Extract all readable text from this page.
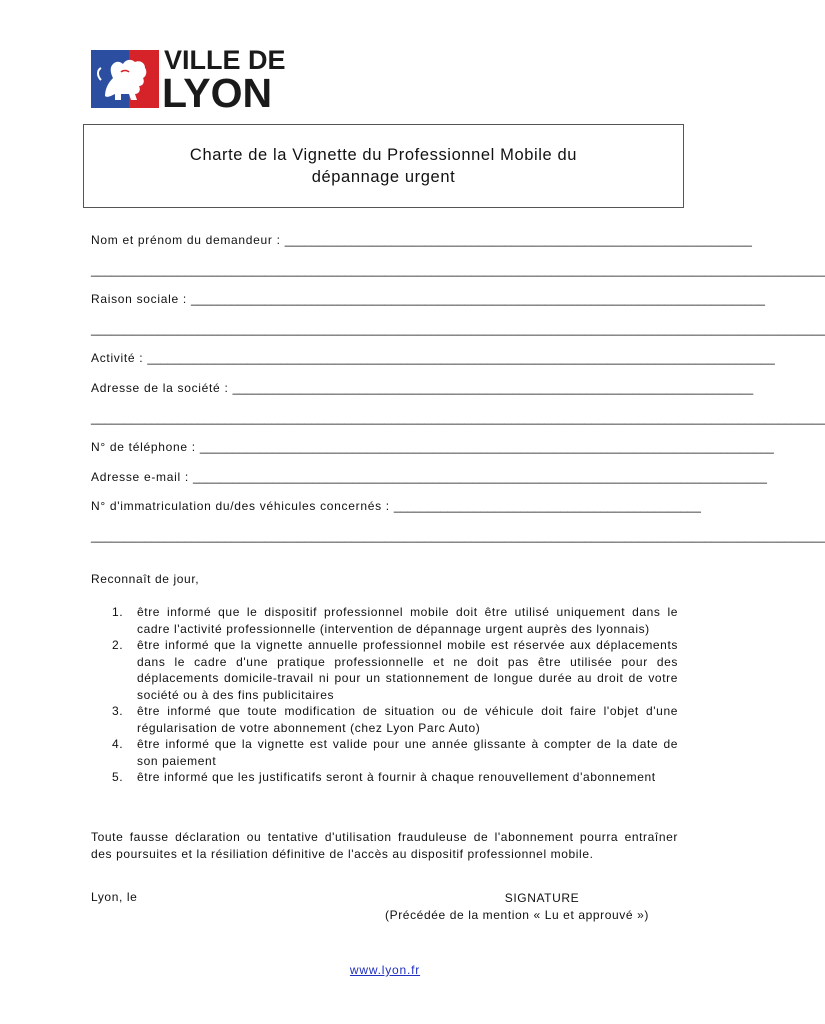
VILLE DE
LYON
Charte de la Vignette du Professionnel Mobile du
dépannage urgent
Nom et prénom du demandeur : ______________________________________________________________________
______________________________________________________________________________________________________________
Raison sociale : ______________________________________________________________________________________
______________________________________________________________________________________________________________
Activité : ______________________________________________________________________________________________
Adresse de la société : ______________________________________________________________________________
______________________________________________________________________________________________________________
N° de téléphone : ______________________________________________________________________________________
Adresse e-mail : ______________________________________________________________________________________
N° d'immatriculation du/des véhicules concernés : ______________________________________________
______________________________________________________________________________________________________________
Reconnaît de jour,
1. être informé que le dispositif professionnel mobile doit être utilisé uniquement dans le cadre l'activité professionnelle (intervention de dépannage urgent auprès des lyonnais)
2. être informé que la vignette annuelle professionnel mobile est réservée aux déplacements dans le cadre d'une pratique professionnelle et ne doit pas être utilisée pour des déplacements domicile-travail ni pour un stationnement de longue durée au droit de votre société ou à des fins publicitaires
3. être informé que toute modification de situation ou de véhicule doit faire l'objet d'une régularisation de votre abonnement (chez Lyon Parc Auto)
4. être informé que la vignette est valide pour une année glissante à compter de la date de son paiement
5. être informé que les justificatifs seront à fournir à chaque renouvellement d'abonnement
Toute fausse déclaration ou tentative d'utilisation frauduleuse de l'abonnement pourra entraîner des poursuites et la résiliation définitive de l'accès au dispositif professionnel mobile.
Lyon, le	SIGNATURE
(Précédée de la mention « Lu et approuvé »)
www.lyon.fr
